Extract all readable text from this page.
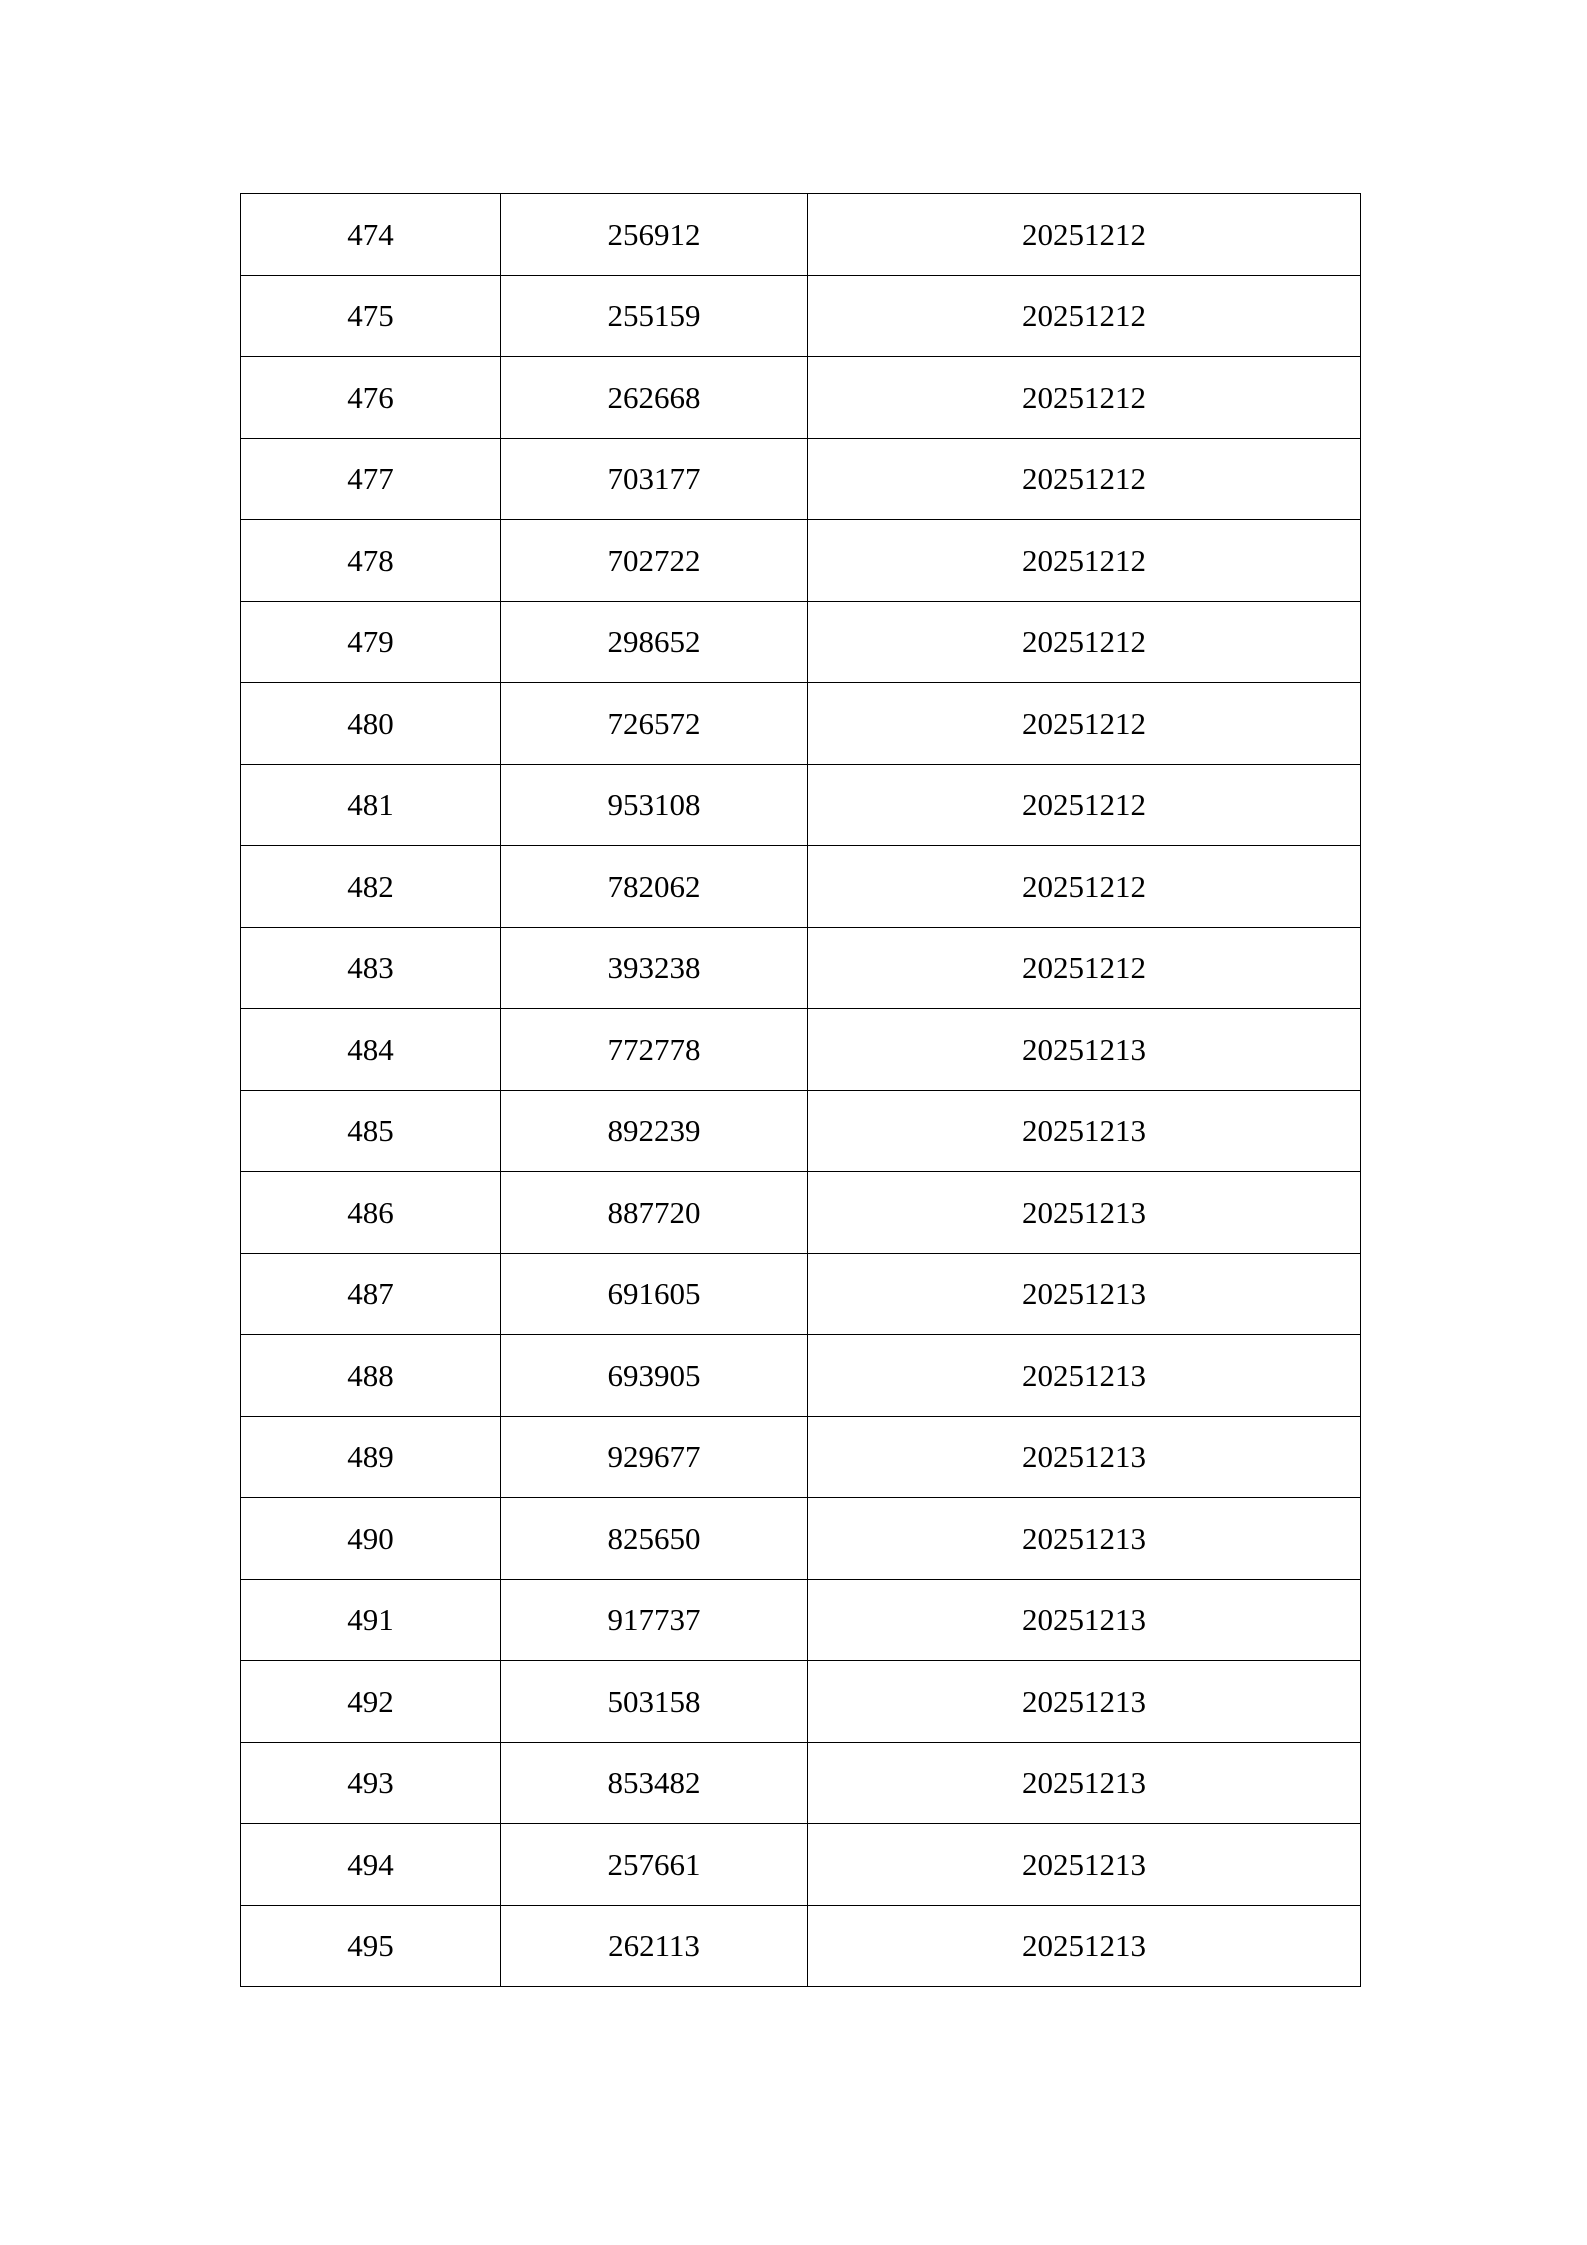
474	256912	20251212
475	255159	20251212
476	262668	20251212
477	703177	20251212
478	702722	20251212
479	298652	20251212
480	726572	20251212
481	953108	20251212
482	782062	20251212
483	393238	20251212
484	772778	20251213
485	892239	20251213
486	887720	20251213
487	691605	20251213
488	693905	20251213
489	929677	20251213
490	825650	20251213
491	917737	20251213
492	503158	20251213
493	853482	20251213
494	257661	20251213
495	262113	20251213
